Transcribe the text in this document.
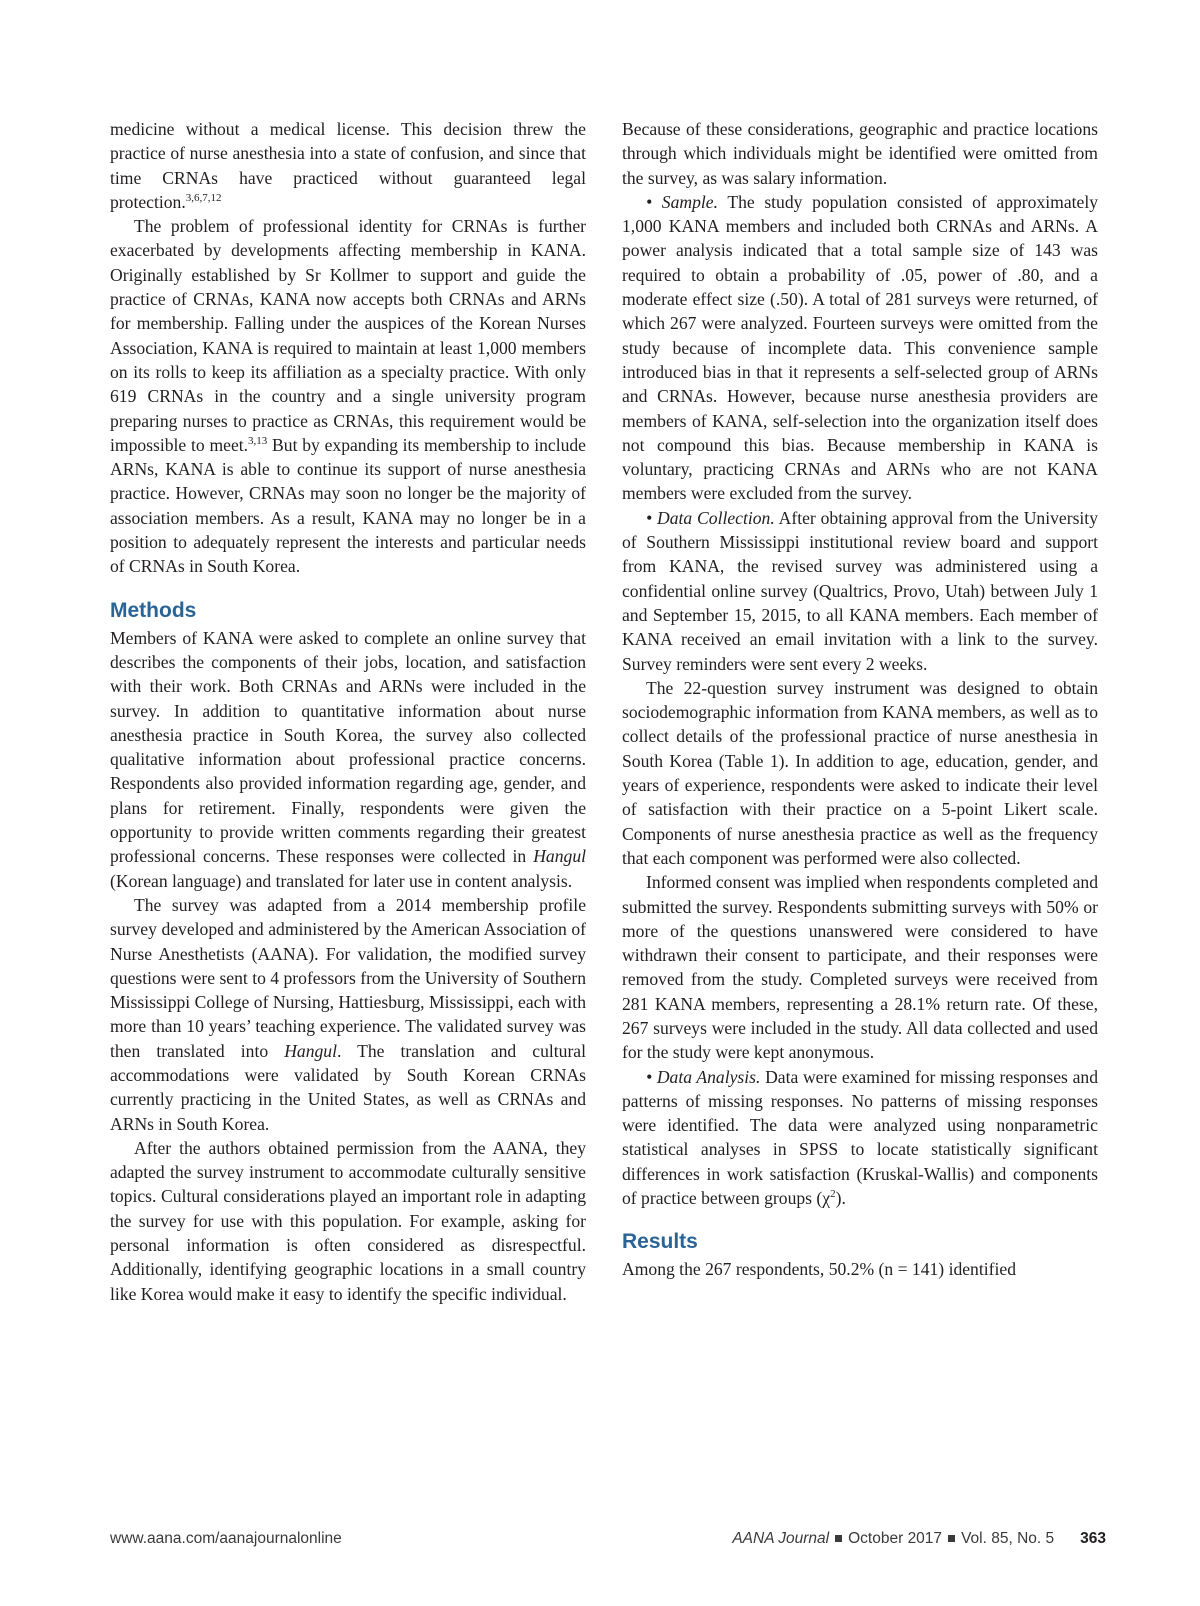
medicine without a medical license. This decision threw the practice of nurse anesthesia into a state of confusion, and since that time CRNAs have practiced without guaranteed legal protection.$^{3,6,7,12}$

The problem of professional identity for CRNAs is further exacerbated by developments affecting membership in KANA. Originally established by Sr Kollmer to support and guide the practice of CRNAs, KANA now accepts both CRNAs and ARNs for membership. Falling under the auspices of the Korean Nurses Association, KANA is required to maintain at least 1,000 members on its rolls to keep its affiliation as a specialty practice. With only 619 CRNAs in the country and a single university program preparing nurses to practice as CRNAs, this requirement would be impossible to meet.$^{3,13}$ But by expanding its membership to include ARNs, KANA is able to continue its support of nurse anesthesia practice. However, CRNAs may soon no longer be the majority of association members. As a result, KANA may no longer be in a position to adequately represent the interests and particular needs of CRNAs in South Korea.

Methods

Members of KANA were asked to complete an online survey that describes the components of their jobs, location, and satisfaction with their work. Both CRNAs and ARNs were included in the survey. In addition to quantitative information about nurse anesthesia practice in South Korea, the survey also collected qualitative information about professional practice concerns. Respondents also provided information regarding age, gender, and plans for retirement. Finally, respondents were given the opportunity to provide written comments regarding their greatest professional concerns. These responses were collected in Hangul (Korean language) and translated for later use in content analysis.

The survey was adapted from a 2014 membership profile survey developed and administered by the American Association of Nurse Anesthetists (AANA). For validation, the modified survey questions were sent to 4 professors from the University of Southern Mississippi College of Nursing, Hattiesburg, Mississippi, each with more than 10 years’ teaching experience. The validated survey was then translated into Hangul. The translation and cultural accommodations were validated by South Korean CRNAs currently practicing in the United States, as well as CRNAs and ARNs in South Korea.

After the authors obtained permission from the AANA, they adapted the survey instrument to accommodate culturally sensitive topics. Cultural considerations played an important role in adapting the survey for use with this population. For example, asking for personal information is often considered as disrespectful. Additionally, identifying geographic locations in a small country like Korea would make it easy to identify the specific individual.

Because of these considerations, geographic and practice locations through which individuals might be identified were omitted from the survey, as was salary information.

• Sample. The study population consisted of approximately 1,000 KANA members and included both CRNAs and ARNs. A power analysis indicated that a total sample size of 143 was required to obtain a probability of .05, power of .80, and a moderate effect size (.50). A total of 281 surveys were returned, of which 267 were analyzed. Fourteen surveys were omitted from the study because of incomplete data. This convenience sample introduced bias in that it represents a self-selected group of ARNs and CRNAs. However, because nurse anesthesia providers are members of KANA, self-selection into the organization itself does not compound this bias. Because membership in KANA is voluntary, practicing CRNAs and ARNs who are not KANA members were excluded from the survey.

• Data Collection. After obtaining approval from the University of Southern Mississippi institutional review board and support from KANA, the revised survey was administered using a confidential online survey (Qualtrics, Provo, Utah) between July 1 and September 15, 2015, to all KANA members. Each member of KANA received an email invitation with a link to the survey. Survey reminders were sent every 2 weeks.

The 22-question survey instrument was designed to obtain sociodemographic information from KANA members, as well as to collect details of the professional practice of nurse anesthesia in South Korea (Table 1). In addition to age, education, gender, and years of experience, respondents were asked to indicate their level of satisfaction with their practice on a 5-point Likert scale. Components of nurse anesthesia practice as well as the frequency that each component was performed were also collected.

Informed consent was implied when respondents completed and submitted the survey. Respondents submitting surveys with 50% or more of the questions unanswered were considered to have withdrawn their consent to participate, and their responses were removed from the study. Completed surveys were received from 281 KANA members, representing a 28.1% return rate. Of these, 267 surveys were included in the study. All data collected and used for the study were kept anonymous.

• Data Analysis. Data were examined for missing responses and patterns of missing responses. No patterns of missing responses were identified. The data were analyzed using nonparametric statistical analyses in SPSS to locate statistically significant differences in work satisfaction (Kruskal-Wallis) and components of practice between groups $(\chi^2)$.

Results

Among the 267 respondents, 50.2% (n = 141) identified

www.aana.com/aanajournalonline	AANA Journal October 2017 Vol. 85, No. 5 363
